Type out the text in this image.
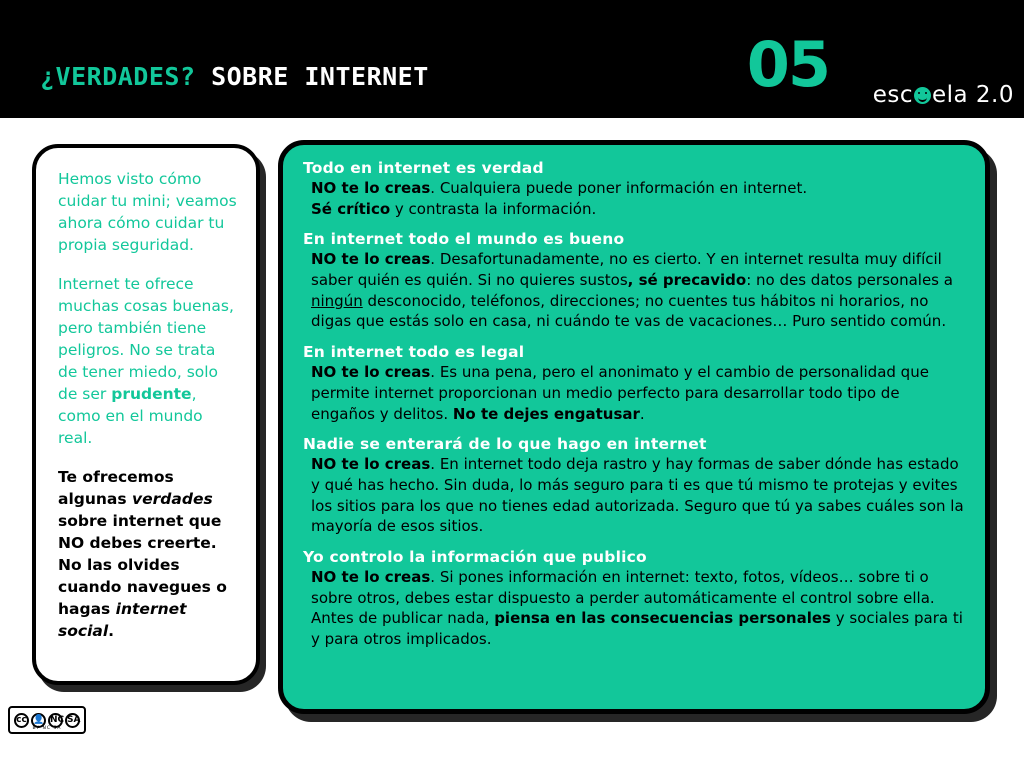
¿VERDADES? SOBRE INTERNET	05 esc ela 2.0

Hemos visto cómo cuidar tu mini; veamos ahora cómo cuidar tu propia seguridad.

Internet te ofrece muchas cosas buenas, pero también tiene peligros. No se trata de tener miedo, solo de ser prudente, como en el mundo real.

Te ofrecemos algunas verdades sobre internet que NO debes creerte. No las olvides cuando navegues o hagas internet social.

Todo en internet es verdad

NO te lo creas. Cualquiera puede poner información en internet.
Sé crítico y contrasta la información.

En internet todo el mundo es bueno

NO te lo creas. Desafortunadamente, no es cierto. Y en internet resulta muy difícil saber quién es quién. Si no quieres sustos, sé precavido: no des datos personales a ningún desconocido, teléfonos, direcciones; no cuentes tus hábitos ni horarios, no digas que estás solo en casa, ni cuándo te vas de vacaciones… Puro sentido común.

En internet todo es legal

NO te lo creas. Es una pena, pero el anonimato y el cambio de personalidad que permite internet proporcionan un medio perfecto para desarrollar todo tipo de engaños y delitos. No te dejes engatusar.

Nadie se enterará de lo que hago en internet

NO te lo creas. En internet todo deja rastro y hay formas de saber dónde has estado y qué has hecho. Sin duda, lo más seguro para ti es que tú mismo te protejas y evites los sitios para los que no tienes edad autorizada. Seguro que tú ya sabes cuáles son la mayoría de esos sitios.

Yo controlo la información que publico

NO te lo creas. Si pones información en internet: texto, fotos, vídeos… sobre ti o sobre otros, debes estar dispuesto a perder automáticamente el control sobre ella. Antes de publicar nada, piensa en las consecuencias personales y sociales para ti y para otros implicados.

cc 👤 NC SA
BY NC SA
